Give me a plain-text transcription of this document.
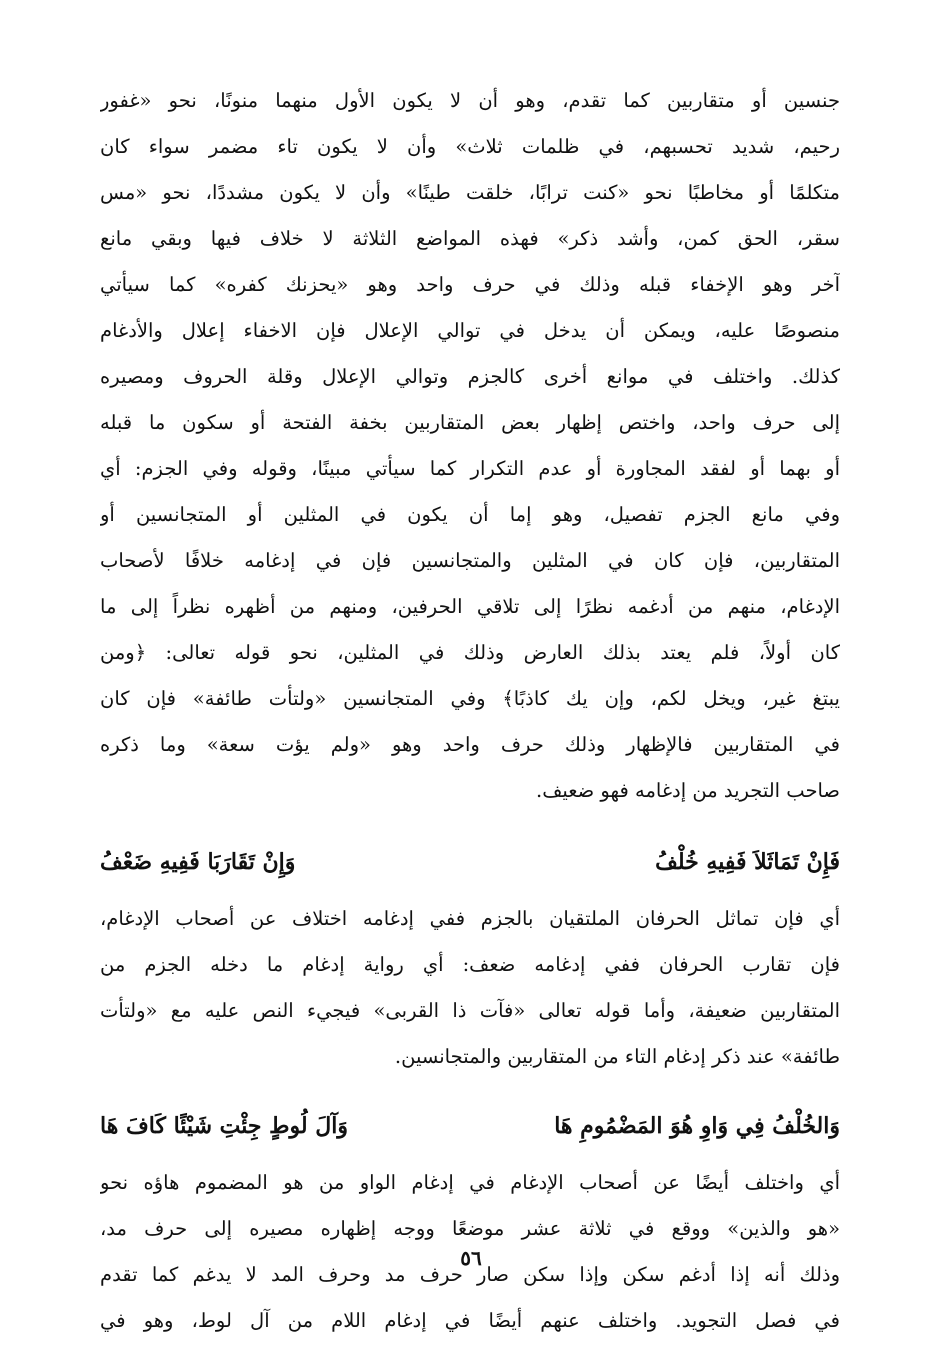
جنسين أو متقاربين كما تقدم، وهو أن لا يكون الأول منهما منونًا، نحو «غفور
رحيم، شديد تحسبهم، في ظلمات ثلاث» وأن لا يكون تاء مضمر سواء كان
متكلمًا أو مخاطبًا نحو «كنت ترابًا، خلقت طينًا» وأن لا يكون مشددًا، نحو «مس
سقر، الحق كمن، وأشد ذكر» فهذه المواضع الثلاثة لا خلاف فيها وبقي مانع
آخر وهو الإخفاء قبله وذلك في حرف واحد وهو «يحزنك كفره» كما سيأتي
منصوصًا عليه، ويمكن أن يدخل في توالي الإعلال فإن الاخفاء إعلال والأدغام
كذلك. واختلف في موانع أخرى كالجزم وتوالي الإعلال وقلة الحروف ومصيره
إلى حرف واحد، واختص إظهار بعض المتقاربين بخفة الفتحة أو سكون ما قبله
أو بهما أو لفقد المجاورة أو عدم التكرار كما سيأتي مبينًا، وقوله وفي الجزم: أي
وفي مانع الجزم تفصيل، وهو إما أن يكون في المثلين أو المتجانسين أو
المتقاربين، فإن كان في المثلين والمتجانسين فإن في إدغامه خلافًا لأصحاب
الإدغام، منهم من أدغمه نظرًا إلى تلاقي الحرفين، ومنهم من أظهره نظراً إلى ما
كان أولاً، فلم يعتد بذلك العارض وذلك في المثلين، نحو قوله تعالى: ﴿ومن
يبتغ غير، ويخل لكم، وإن يك كاذبًا﴾ وفي المتجانسين «ولتأت طائفة» فإن كان
في المتقاربين فالإظهار وذلك حرف واحد وهو «ولم يؤت سعة» وما ذكره
صاحب التجريد من إدغامه فهو ضعيف.
فَإِنْ تَمَاثَلاَ فَفِيهِ خُلْفُ
وَإِنْ تَقَارَبَا فَفِيهِ ضَعْفُ
أي فإن تماثل الحرفان الملتقيان بالجزم ففي إدغامه اختلاف عن أصحاب الإدغام،
فإن تقارب الحرفان ففي إدغامه ضعف: أي رواية إدغام ما دخله الجزم من
المتقاربين ضعيفة، وأما قوله تعالى «فآت ذا القربى» فيجيء النص عليه مع «ولتأت
طائفة» عند ذكر إدغام التاء من المتقاربين والمتجانسين.
وَالخُلْفُ فِي وَاوِ هُوَ المَضْمُومِ هَا
وَآلَ لُوطٍ جِئْتِ شَيْئًا كَافَ هَا
أي واختلف أيضًا عن أصحاب الإدغام في إدغام الواو من هو المضموم هاؤه نحو
«هو والذين» ووقع في ثلاثة عشر موضعًا ووجه إظهاره مصيره إلى حرف مد،
وذلك أنه إذا أدغم سكن وإذا سكن صار حرف مد وحرف المد لا يدغم كما تقدم
في فصل التجويد. واختلف عنهم أيضًا في إدغام اللام من آل لوط، وهو في
٥٦
